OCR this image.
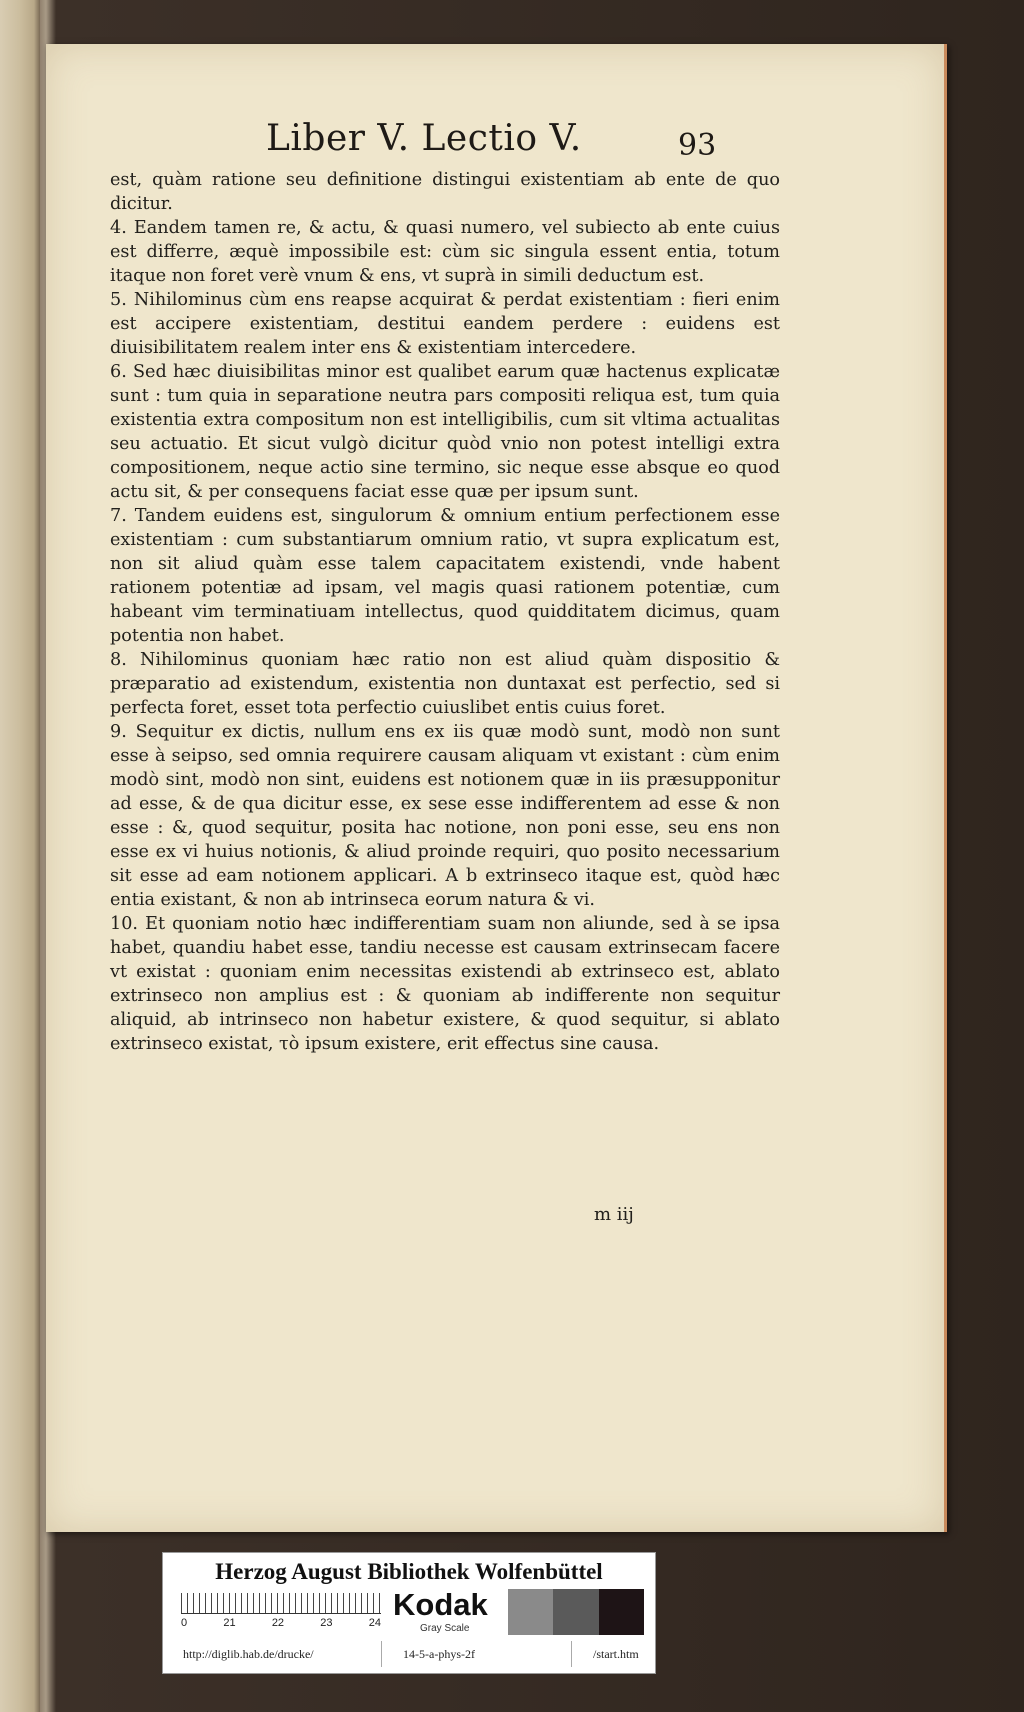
Liber V. Lectio V.	93

est, quàm ratione seu definitione distingui existentiam ab ente de quo dicitur.

4. Eandem tamen re, & actu, & quasi numero, vel subiecto ab ente cuius est differre, æquè impossibile est: cùm sic singula essent entia, totum itaque non foret verè vnum & ens, vt suprà in simili deductum est.

5. Nihilominus cùm ens reapse acquirat & perdat existentiam : fieri enim est accipere existentiam, destitui eandem perdere : euidens est diuisibilitatem realem inter ens & existentiam intercedere.

6. Sed hæc diuisibilitas minor est qualibet earum quæ hactenus explicatæ sunt : tum quia in separatione neutra pars compositi reliqua est, tum quia existentia extra compositum non est intelligibilis, cum sit vltima actualitas seu actuatio. Et sicut vulgò dicitur quòd vnio non potest intelligi extra compositionem, neque actio sine termino, sic neque esse absque eo quod actu sit, & per consequens faciat esse quæ per ipsum sunt.

7. Tandem euidens est, singulorum & omnium entium perfectionem esse existentiam : cum substantiarum omnium ratio, vt supra explicatum est, non sit aliud quàm esse talem capacitatem existendi, vnde habent rationem potentiæ ad ipsam, vel magis quasi rationem potentiæ, cum habeant vim terminatiuam intellectus, quod quidditatem dicimus, quam potentia non habet.

8. Nihilominus quoniam hæc ratio non est aliud quàm dispositio & præparatio ad existendum, existentia non duntaxat est perfectio, sed si perfecta foret, esset tota perfectio cuiuslibet entis cuius foret.

9. Sequitur ex dictis, nullum ens ex iis quæ modò sunt, modò non sunt esse à seipso, sed omnia requirere causam aliquam vt existant : cùm enim modò sint, modò non sint, euidens est notionem quæ in iis præsupponitur ad esse, & de qua dicitur esse, ex sese esse indifferentem ad esse & non esse : &, quod sequitur, posita hac notione, non poni esse, seu ens non esse ex vi huius notionis, & aliud proinde requiri, quo posito necessarium sit esse ad eam notionem applicari. A b extrinseco itaque est, quòd hæc entia existant, & non ab intrinseca eorum natura & vi.

10. Et quoniam notio hæc indifferentiam suam non aliunde, sed à se ipsa habet, quandiu habet esse, tandiu necesse est causam extrinsecam facere vt existat : quoniam enim necessitas existendi ab extrinseco est, ablato extrinseco non amplius est : & quoniam ab indifferente non sequitur aliquid, ab intrinseco non habetur existere, & quod sequitur, si ablato extrinseco existat, τὸ ipsum existere, erit effectus sine causa.

m iij
Herzog August Bibliothek Wolfenbüttel
0	21	22	23	24
Kodak
Gray Scale
http://diglib.hab.de/drucke/	14-5-a-phys-2f	/start.htm
